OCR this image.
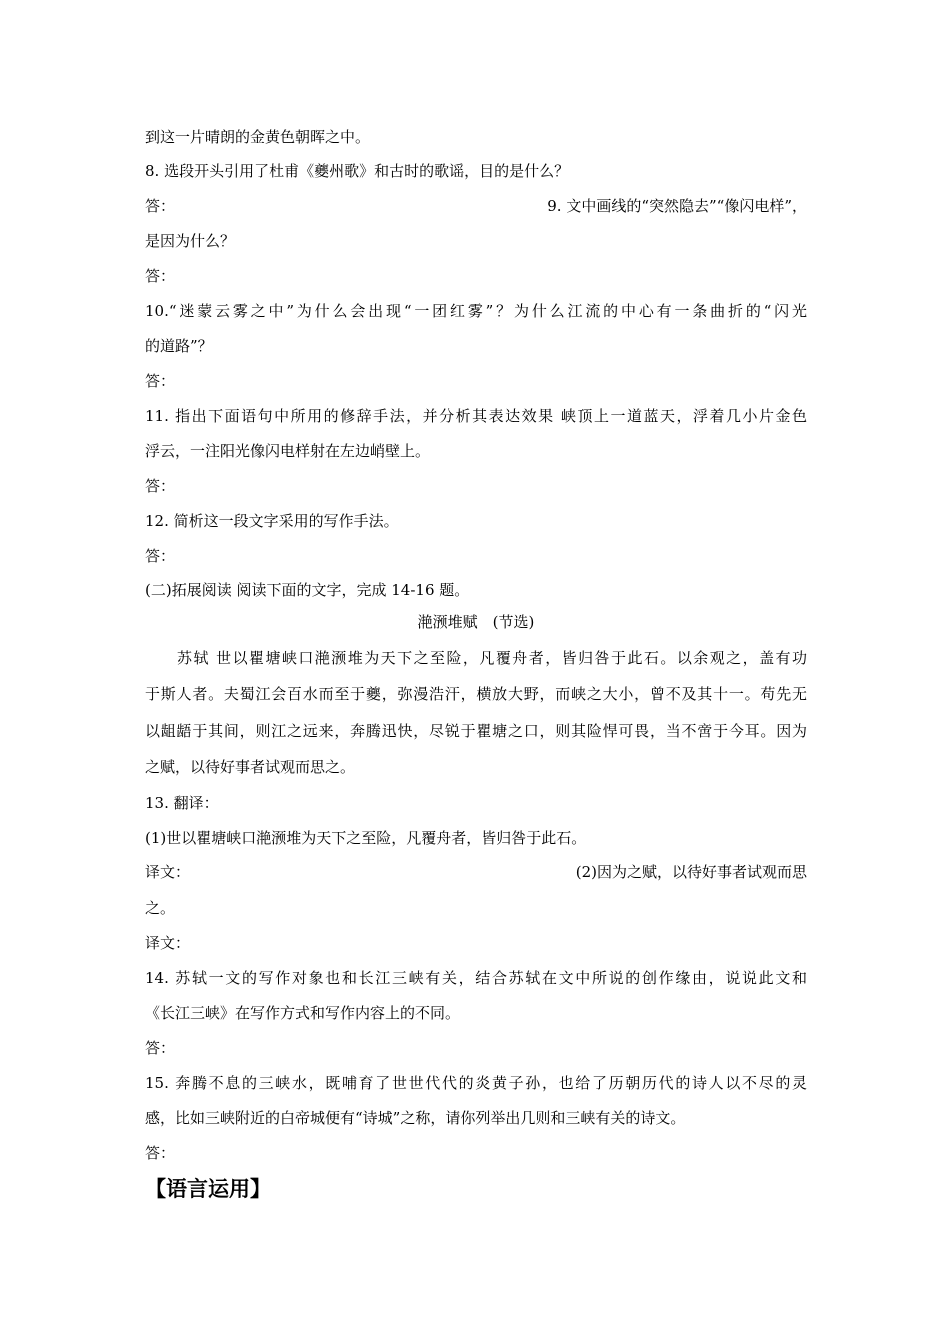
到这一片晴朗的金黄色朝晖之中。
8. 选段开头引用了杜甫《夔州歌》和古时的歌谣，目的是什么？
答：	9. 文中画线的“突然隐去”“像闪电样”，
是因为什么？
答：
10.“迷蒙云雾之中”为什么会出现“一团红雾”？为什么江流的中心有一条曲折的“闪光
的道路”？
答：
11. 指出下面语句中所用的修辞手法，并分析其表达效果 峡顶上一道蓝天，浮着几小片金色
浮云，一注阳光像闪电样射在左边峭壁上。
答：
12. 简析这一段文字采用的写作手法。
答：
(二)拓展阅读 阅读下面的文字，完成 14-16 题。
滟滪堆赋　(节选)
苏轼 世以瞿塘峡口滟滪堆为天下之至险，凡覆舟者，皆归咎于此石。以余观之，盖有功
于斯人者。夫蜀江会百水而至于夔，弥漫浩汗，横放大野，而峡之大小，曾不及其十一。苟先无
以龃龉于其间，则江之远来，奔腾迅快，尽锐于瞿塘之口，则其险悍可畏，当不啻于今耳。因为
之赋，以待好事者试观而思之。
13. 翻译：
(1)世以瞿塘峡口滟滪堆为天下之至险，凡覆舟者，皆归咎于此石。
译文：	(2)因为之赋，以待好事者试观而思
之。
译文：
14. 苏轼一文的写作对象也和长江三峡有关，结合苏轼在文中所说的创作缘由，说说此文和
《长江三峡》在写作方式和写作内容上的不同。
答：
15. 奔腾不息的三峡水，既哺育了世世代代的炎黄子孙，也给了历朝历代的诗人以不尽的灵
感，比如三峡附近的白帝城便有“诗城”之称，请你列举出几则和三峡有关的诗文。
答：
【语言运用】
